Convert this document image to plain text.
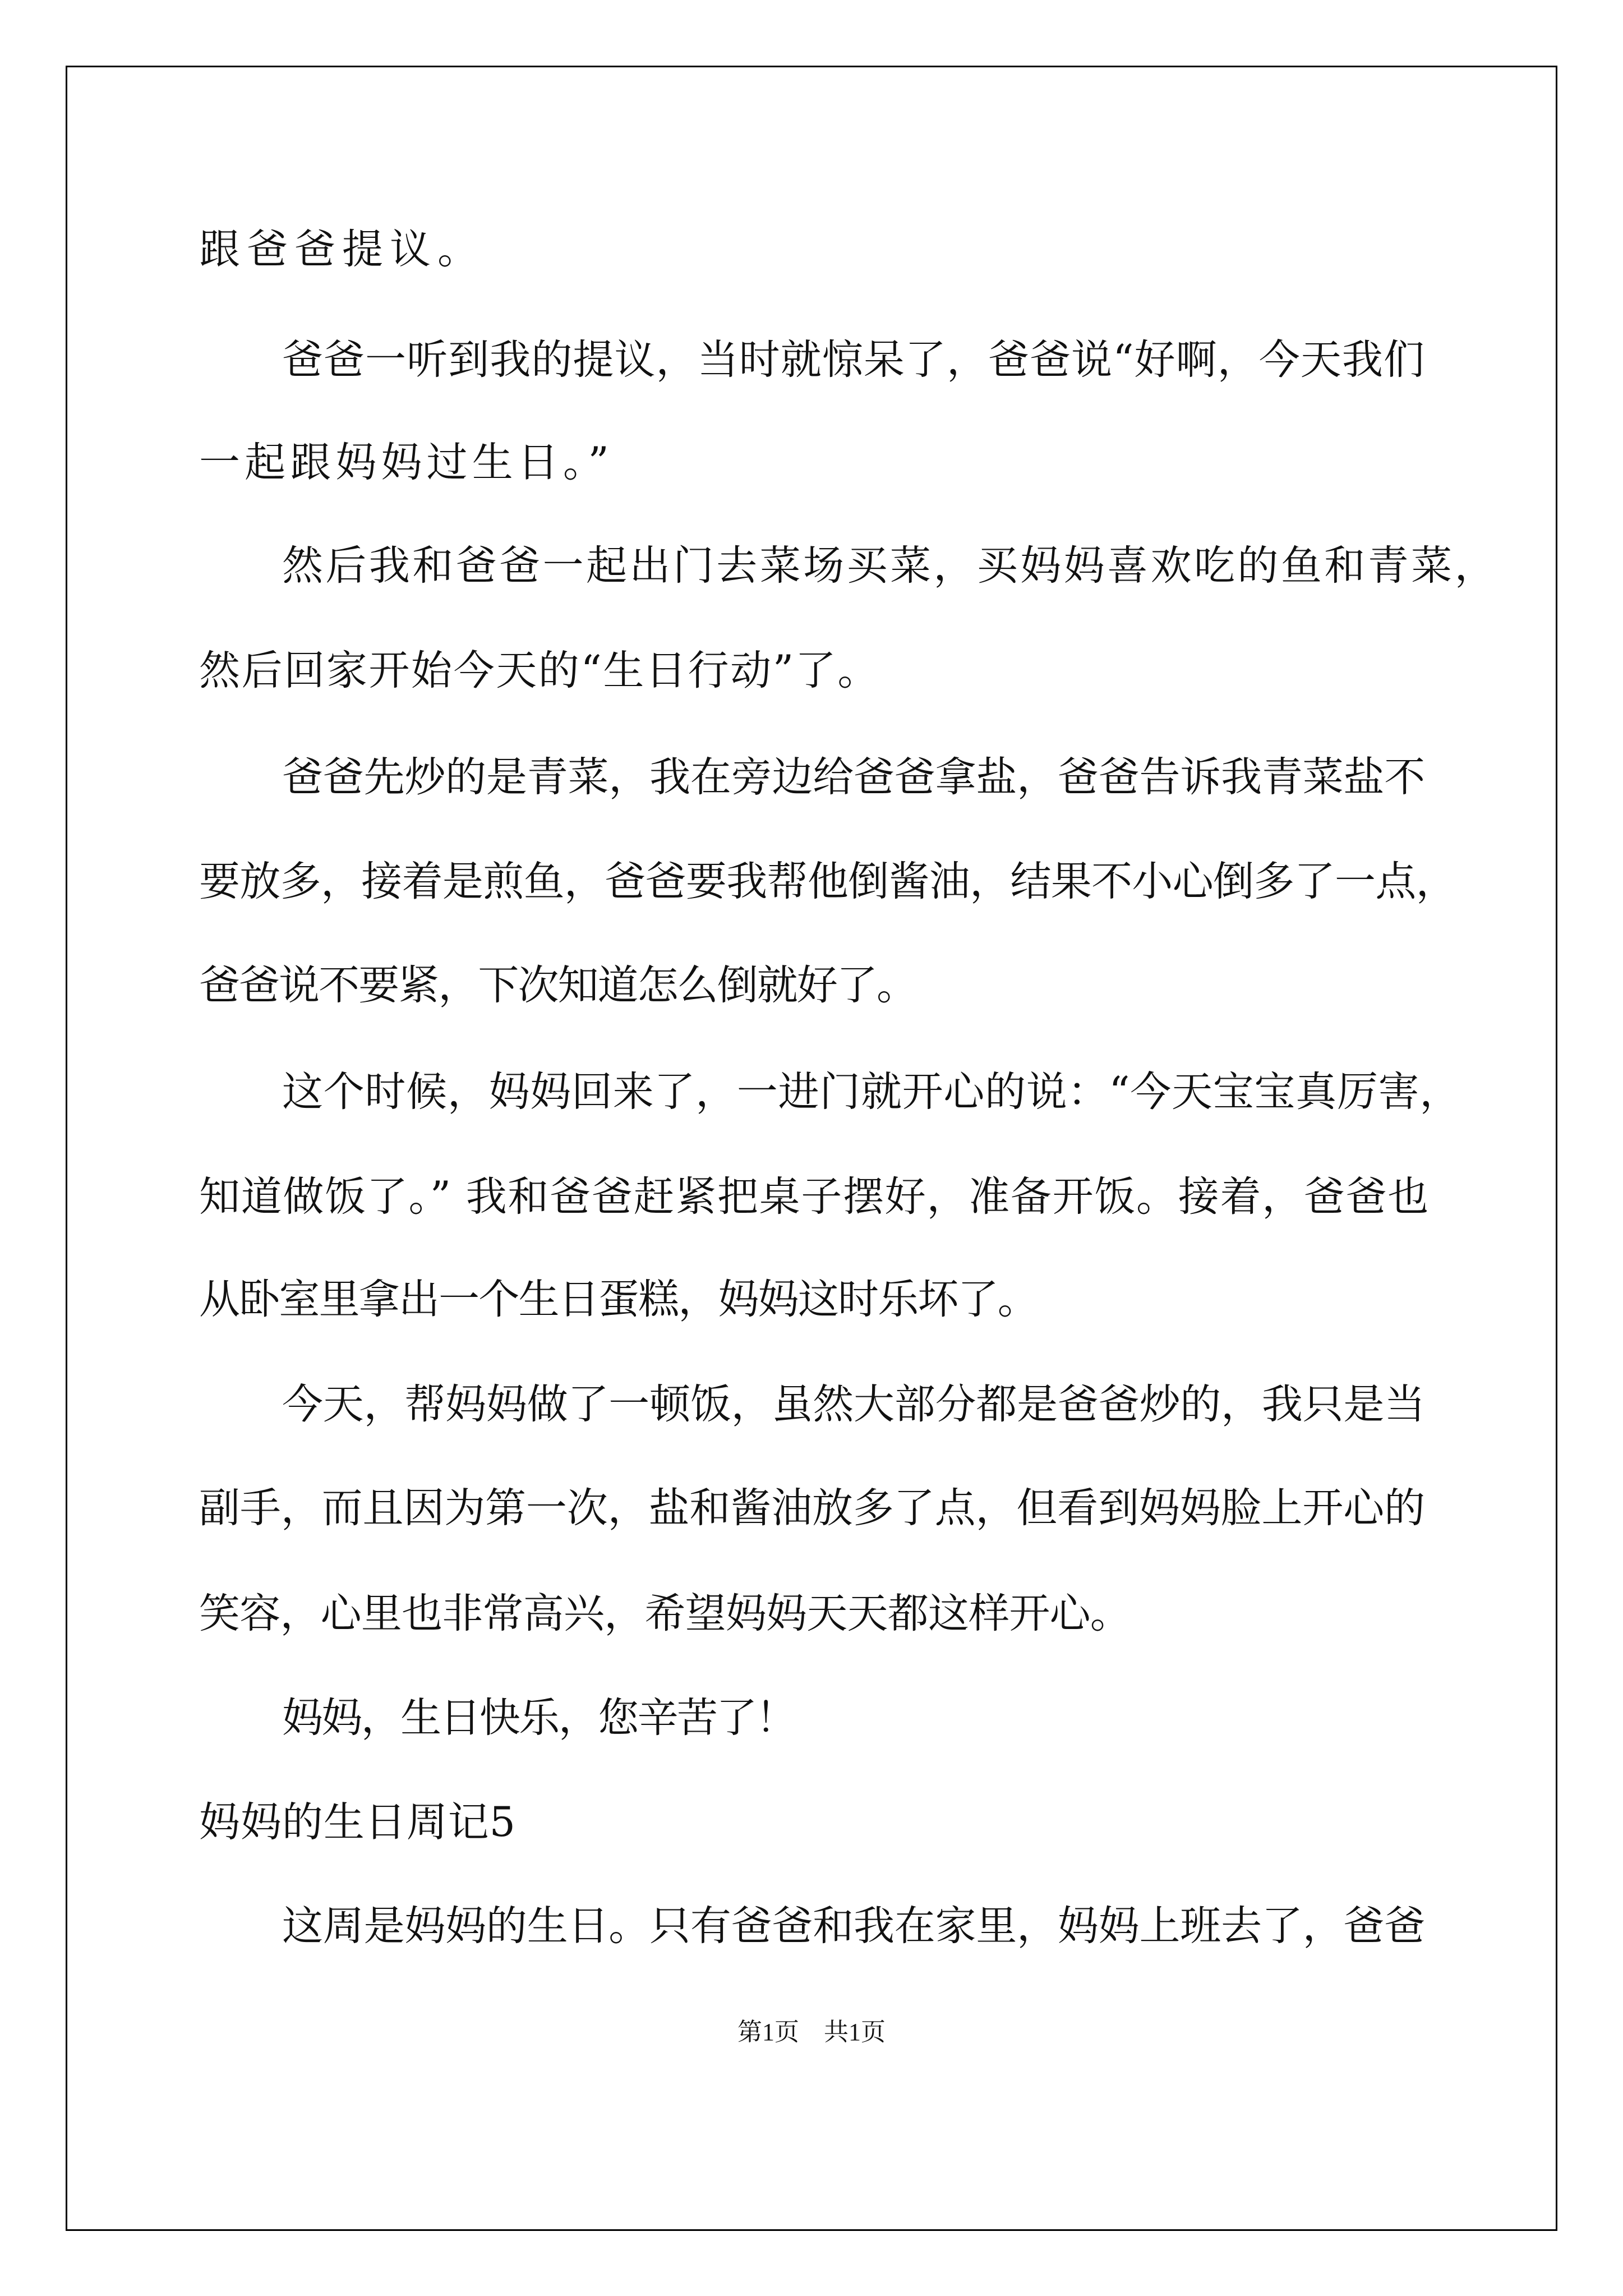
跟爸爸提议。
爸爸一听到我的提议，当时就惊呆了，爸爸说“好啊，今天我们
一起跟妈妈过生日。”
然后我和爸爸一起出门去菜场买菜，买妈妈喜欢吃的鱼和青菜，
然后回家开始今天的“生日行动”了。
爸爸先炒的是青菜，我在旁边给爸爸拿盐，爸爸告诉我青菜盐不
要放多，接着是煎鱼，爸爸要我帮他倒酱油，结果不小心倒多了一点，
爸爸说不要紧，下次知道怎么倒就好了。
这个时候，妈妈回来了，一进门就开心的说：“今天宝宝真厉害，
知道做饭了。” 我和爸爸赶紧把桌子摆好，准备开饭。接着，爸爸也
从卧室里拿出一个生日蛋糕，妈妈这时乐坏了。
今天，帮妈妈做了一顿饭，虽然大部分都是爸爸炒的，我只是当
副手，而且因为第一次，盐和酱油放多了点，但看到妈妈脸上开心的
笑容，心里也非常高兴，希望妈妈天天都这样开心。
妈妈，生日快乐，您辛苦了！
妈妈的生日周记5
这周是妈妈的生日。只有爸爸和我在家里，妈妈上班去了，爸爸
第1页　共1页
